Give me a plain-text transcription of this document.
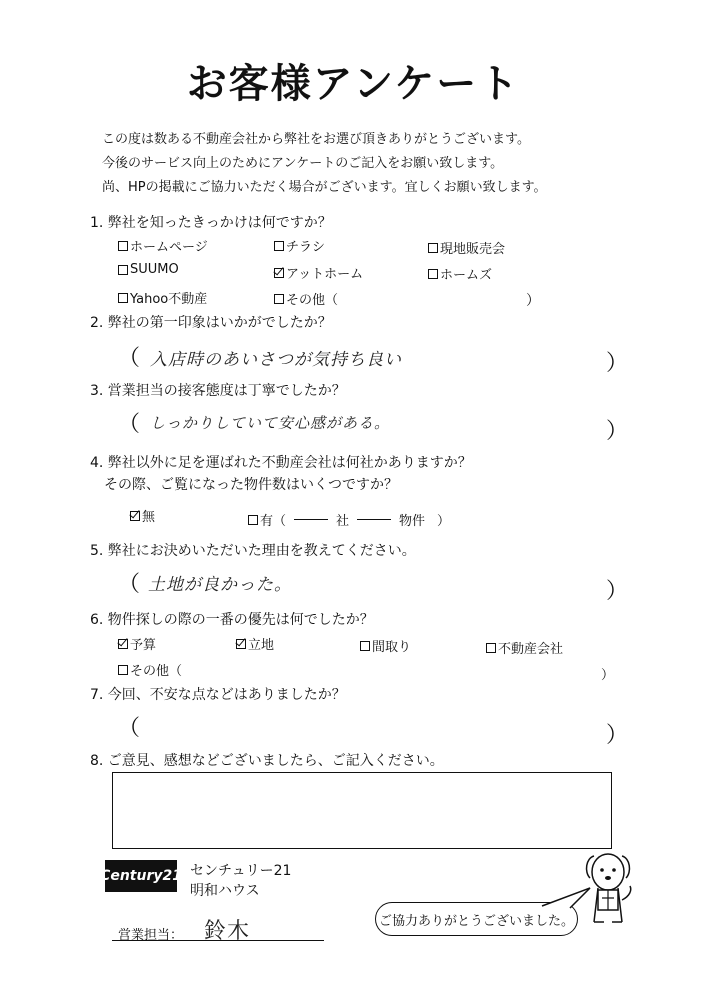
お客様アンケート
この度は数ある不動産会社から弊社をお選び頂きありがとうございます。
今後のサービス向上のためにアンケートのご記入をお願い致します。
尚、HPの掲載にご協力いただく場合がございます。宜しくお願い致します。
1. 弊社を知ったきっかけは何ですか？
ホームページ	チラシ	現地販売会
SUUMO	アットホーム	ホームズ
Yahoo不動産	その他（	）
2. 弊社の第一印象はいかがでしたか？
（ 入店時のあいさつが気持ち良い	）
3. 営業担当の接客態度は丁寧でしたか？
（ しっかりしていて安心感がある。	）
4. 弊社以外に足を運ばれた不動産会社は何社かありますか？
その際、ご覧になった物件数はいくつですか？
無	有（	社	物件 ）
5. 弊社にお決めいただいた理由を教えてください。
（ 土地が良かった。	）
6. 物件探しの際の一番の優先は何でしたか？
予算	立地	間取り	不動産会社
その他（	）
7. 今回、不安な点などはありましたか？
（	）
8. ご意見、感想などございましたら、ご記入ください。
Century21 センチュリー21
明和ハウス
営業担当： 鈴木	ご協力ありがとうございました。
